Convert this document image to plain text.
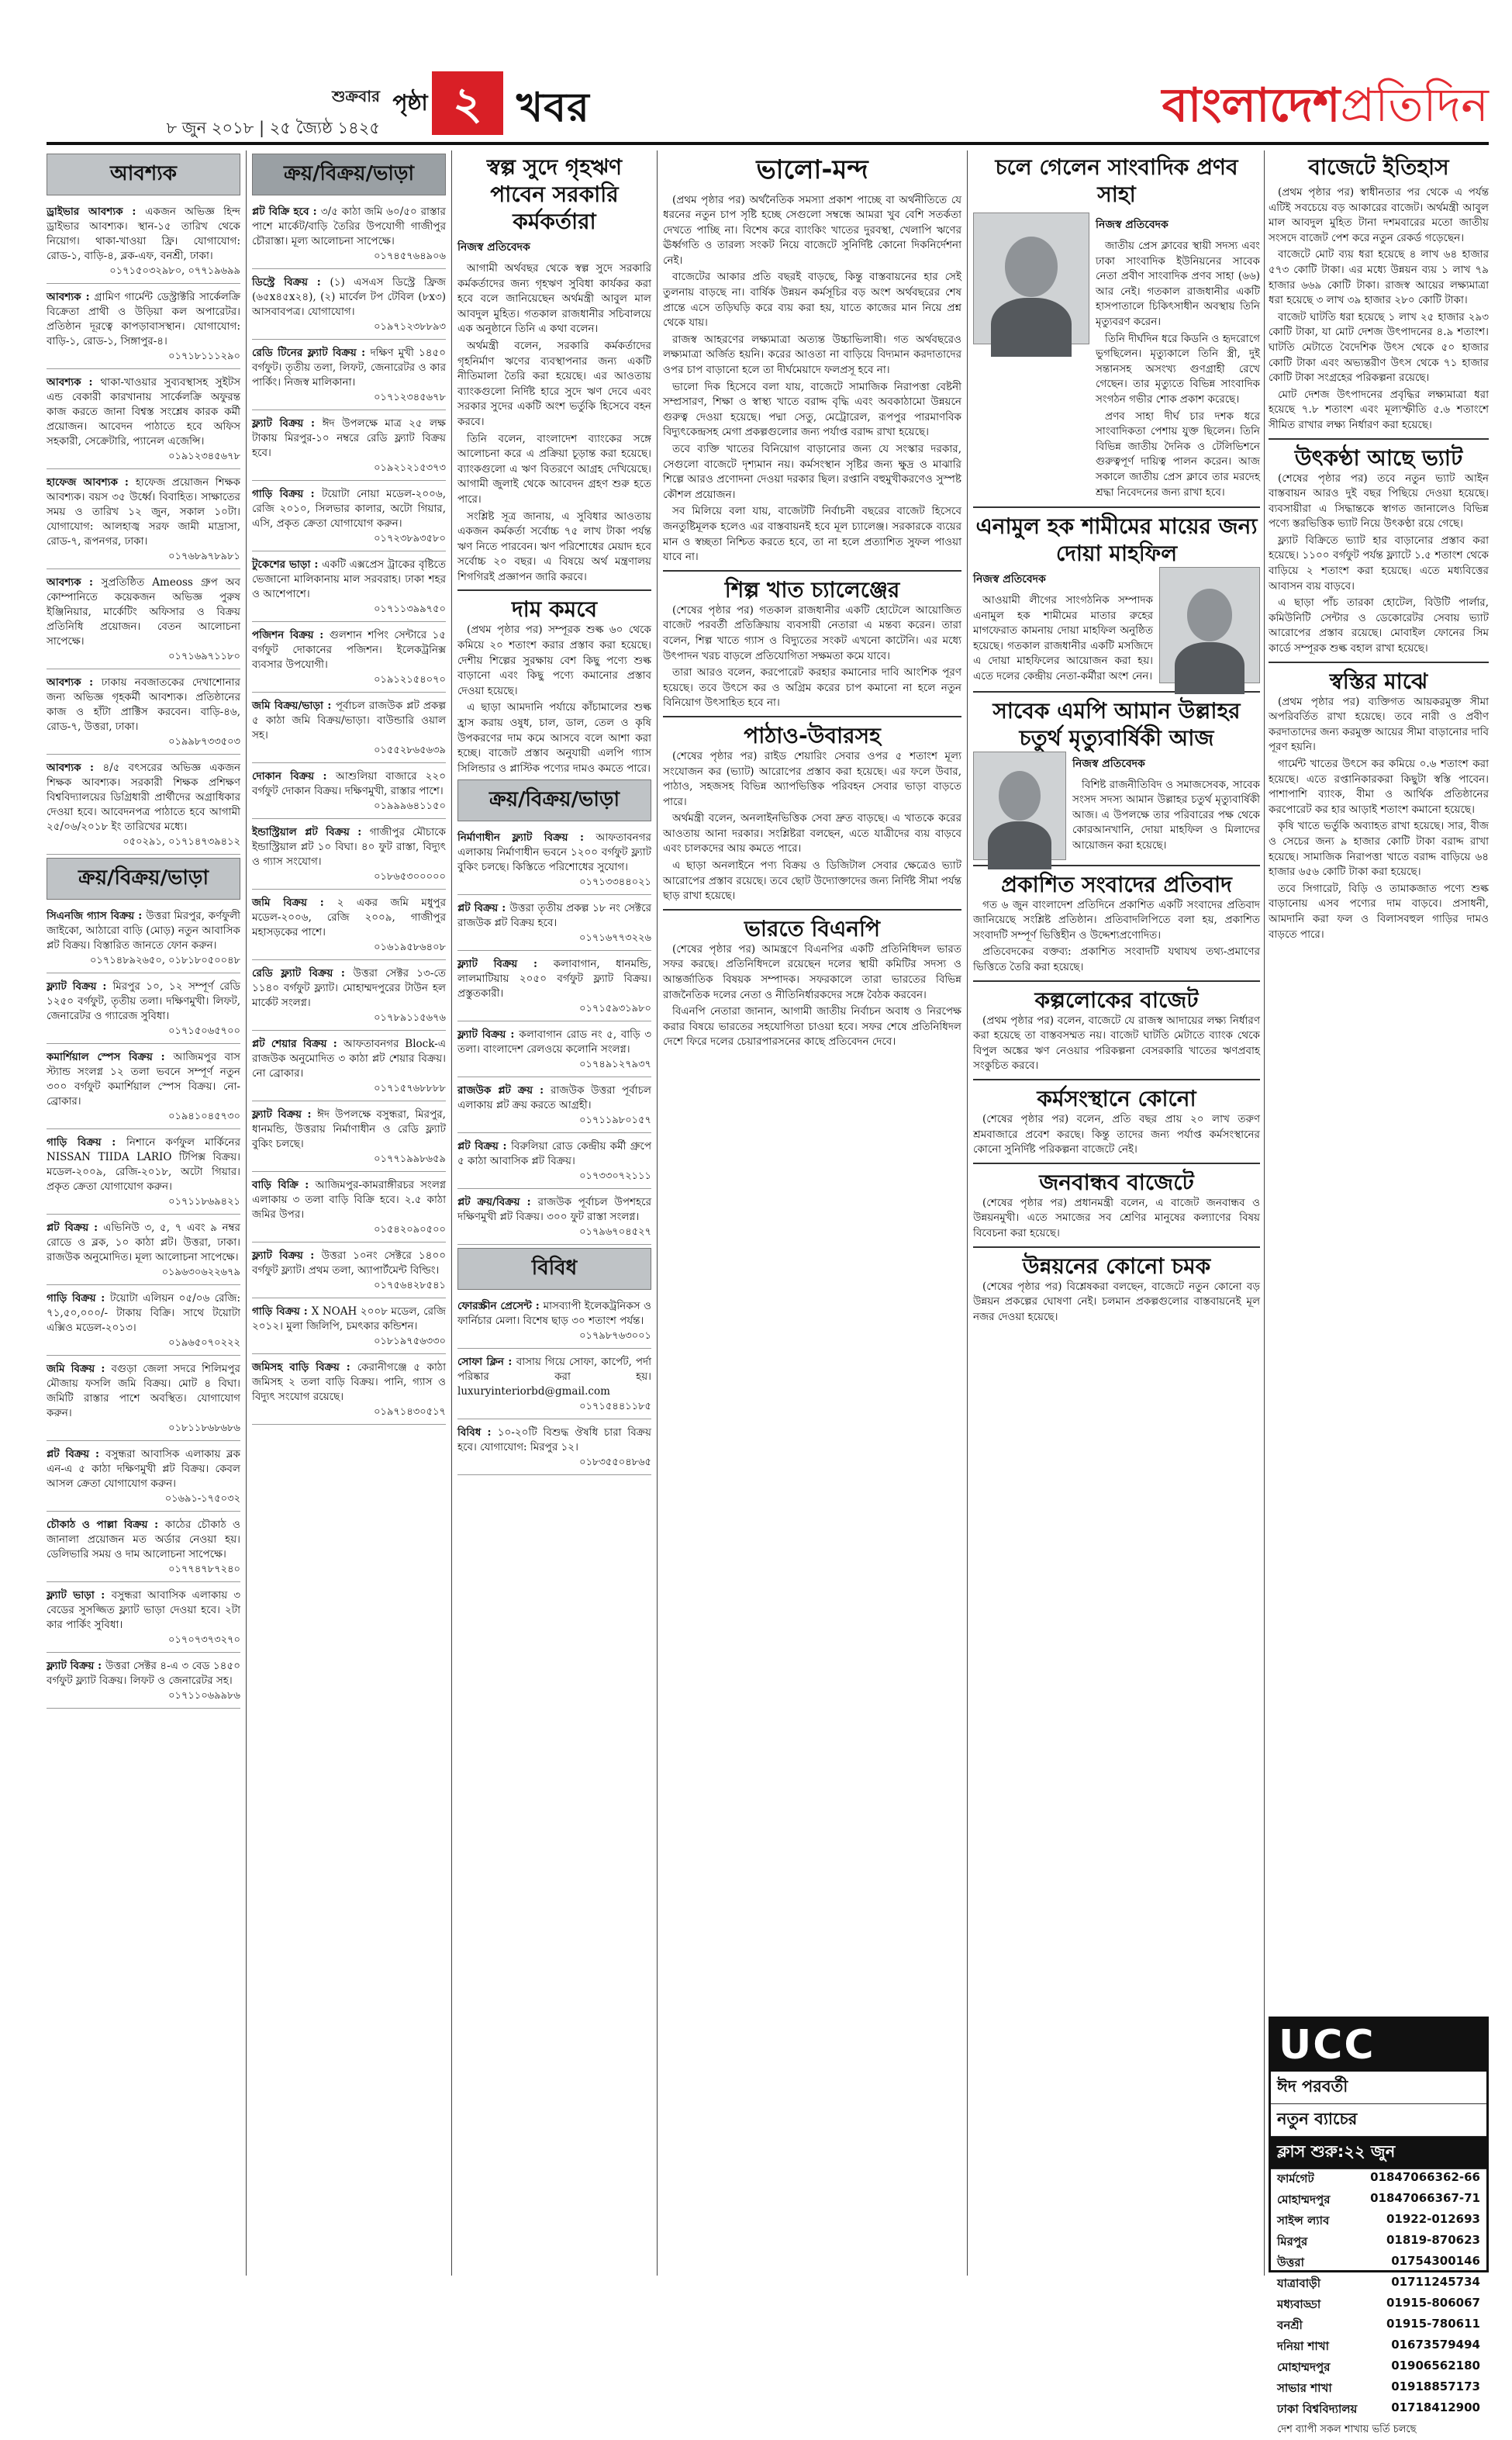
শুক্রবার
৮ জুন ২০১৮ | ২৫ জ্যৈষ্ঠ ১৪২৫
পৃষ্ঠা ২ খবর	বাংলাদেশপ্রতিদিন
আবশ্যক
ড্রাইভার আবশ্যক : একজন অভিজ্ঞ হিন্দ ড্রাইভার আবশ্যক। স্থান-১৫ তারিখ থেকে নিয়োগ। থাকা-খাওয়া ফ্রি। যোগাযোগ: রোড-১, বাড়ি-৪, ব্লক-এফ, বনশ্রী, ঢাকা।
০১৭১৫০৩২৯৮০, ০৭৭১৯৬৯৯
আবশ্যক : গ্রামিণ গার্মেন্ট ডেস্ট্রাক্টরি সার্কেলক্রি বিক্রেতা প্রাথী ও উড়িয়া কল অপারেটর। প্রতিষ্ঠান দূরত্বে কাপড়াবাসস্থান। যোগাযোগ: বাড়ি-১, রোড-১, সিঙ্গাপুর-৪।
০১৭১৮১১১২৯০
আবশ্যক : থাকা-খাওয়ার সুব্যবস্থাসহ সুইটস এন্ড বেকারী কারখানায় সার্কেলক্রি অফুরন্ত কাজ করতে জানা বিশ্বস্ত সংশ্লেষ কারক কর্মী প্রয়োজন। আবেদন পাঠাতে হবে অফিস সহকারী, সেক্রেটারি, প্যানেল এজেন্সি।
০১৯১২৩৪৫৬৭৮
হাফেজ আবশ্যক : হাফেজ প্রয়োজন শিক্ষক আবশ্যক। বয়স ৩৫ উর্ধ্বে। বিবাহিত। সাক্ষাতের সময় ও তারিখ ১২ জুন, সকাল ১০টা। যোগাযোগ: আলহাজ্ব সরফ জামী মাদ্রাসা, রোড-৭, রূপনগর, ঢাকা।
০১৭৬৮৯৭৮৯৮১
আবশ্যক : সুপ্রতিষ্ঠিত Ameoss গ্রুপ অব কোম্পানিতে কয়েকজন অভিজ্ঞ পুরুষ ইঞ্জিনিয়ার, মার্কেটিং অফিসার ও বিক্রয় প্রতিনিধি প্রয়োজন। বেতন আলোচনা সাপেক্ষে।
০১৭১৬৯৭১১৮০
আবশ্যক : ঢাকায় নবজাতকের দেখাশোনার জন্য অভিজ্ঞ গৃহকর্মী আবশ্যক। প্রতিষ্ঠানের কাজ ও হাঁটা প্রাক্টিস করবেন। বাড়ি-৪৬, রোড-৭, উত্তরা, ঢাকা।
০১৯৯৮৭৩৩৫০৩
আবশ্যক : ৪/৫ বৎসরের অভিজ্ঞ একজন শিক্ষক আবশ্যক। সরকারী শিক্ষক প্রশিক্ষণ বিশ্ববিদ্যালয়ের ডিগ্রিধারী প্রার্থীদের অগ্রাধিকার দেওয়া হবে। আবেদনপত্র পাঠাতে হবে আগামী ২৫/০৬/২০১৮ ইং তারিখের মধ্যে।
০৫০২৯১, ০১৭১৪৭৩৯৪১২
ক্রয়/বিক্রয়/ভাড়া
সিএনজি গ্যাস বিক্রয় : উত্তরা মিরপুর, কর্ণফুলী জাইকো, আঠারো বাড়ি (মোড়) নতুন আবাসিক প্লট বিক্রয়। বিস্তারিত জানতে ফোন করুন।
০১৭১৪৮৯২৬৫০, ০১৮১৮০৫০০৪৮
ফ্ল্যাট বিক্রয় : মিরপুর ১০, ১২ সম্পূর্ণ রেডি ১২৫০ বর্গফুট, তৃতীয় তলা। দক্ষিণমুখী। লিফট, জেনারেটর ও গ্যারেজ সুবিধা।
০১৭১৫০৬৫৭০০
কমার্শিয়াল স্পেস বিক্রয় : আজিমপুর বাস স্ট্যান্ড সংলগ্ন ১২ তলা ভবনে সম্পূর্ণ নতুন ৩০০ বর্গফুট কমার্শিয়াল স্পেস বিক্রয়। নো-ব্রোকার।
০১৯৪১০৪৫৭৩০
গাড়ি বিক্রয় : নিশানে কর্ণফুল মার্কিনের NISSAN TIIDA LARIO টিপিক্স বিক্রয়। মডেল-২০০৯, রেজি-২০১৮, অটো গিয়ার। প্রকৃত ক্রেতা যোগাযোগ করুন।
০১৭১১৮৬৯৪২১
প্লট বিক্রয় : এভিনিউ ৩, ৫, ৭ এবং ৯ নম্বর রোডে ও ব্লক, ১০ কাঠা প্লট। উত্তরা, ঢাকা। রাজউক অনুমোদিত। মূল্য আলোচনা সাপেক্ষে।
০১৯৬৩০৬২২৬৭৯
গাড়ি বিক্রয় : টয়োটা এলিয়ন ০৫/০৬ রেজি: ৭১,৫০,০০০/- টাকায় বিক্রি। সাথে টয়োটা এক্সিও মডেল-২০১৩।
০১৯৬৫০৭০২২২
জমি বিক্রয় : বগুড়া জেলা সদরে শিলিমপুর মৌজায় ফসলি জমি বিক্রয়। মোট ৪ বিঘা। জমিটি রাস্তার পাশে অবস্থিত। যোগাযোগ করুন।
০১৮১১৮৬৮৬৮৬
প্লট বিক্রয় : বসুন্ধরা আবাসিক এলাকায় ব্লক এন-এ ৫ কাঠা দক্ষিণমুখী প্লট বিক্রয়। কেবল আসল ক্রেতা যোগাযোগ করুন।
০১৬৯১-১৭৫০৩২
চৌকাঠ ও পাল্লা বিক্রয় : কাঠের চৌকাঠ ও জানালা প্রয়োজন মত অর্ডার নেওয়া হয়। ডেলিভারি সময় ও দাম আলোচনা সাপেক্ষে।
০১৭৭৪৭৮৭২৪০
ফ্ল্যাট ভাড়া : বসুন্ধরা আবাসিক এলাকায় ৩ বেডের সুসজ্জিত ফ্ল্যাট ভাড়া দেওয়া হবে। ২টা কার পার্কিং সুবিধা।
০১৭০৭৩৭৩২৭০
ফ্ল্যাট বিক্রয় : উত্তরা সেক্টর ৪-এ ৩ বেড ১৪৫০ বর্গফুট ফ্ল্যাট বিক্রয়। লিফট ও জেনারেটর সহ।
০১৭১১০৬৯৯৮৬
ক্রয়/বিক্রয়/ভাড়া
প্লট বিক্রি হবে : ৩/৫ কাঠা জমি ৬০/৫০ রাস্তার পাশে মার্কেট/বাড়ি তৈরির উপযোগী গাজীপুর চৌরাস্তা। মূল্য আলোচনা সাপেক্ষে।
০১৭৪৫৭৬৪৯০৬
ডিস্ট্রে বিক্রয় : (১) এসএস ডিস্ট্রে ফ্রিজ (৬৫x৪৫x২৪), (২) মার্বেল টপ টেবিল (৮x৩) আসবাবপত্র। যোগাযোগ।
০১৯৭১২৩৮৮৯৩
রেডি টিনের ফ্ল্যাট বিক্রয় : দক্ষিণ মুখী ১৪৫০ বর্গফুট। তৃতীয় তলা, লিফট, জেনারেটর ও কার পার্কিং। নিজস্ব মালিকানা।
০১৭১২৩৪৫৬৭৮
ফ্ল্যাট বিক্রয় : ঈদ উপলক্ষে মাত্র ২৫ লক্ষ টাকায় মিরপুর-১০ নম্বরে রেডি ফ্ল্যাট বিক্রয় হবে।
০১৯২১২১৫৩৭৩
গাড়ি বিক্রয় : টয়োটা নোয়া মডেল-২০০৬, রেজি ২০১০, সিলভার কালার, অটো গিয়ার, এসি, প্রকৃত ক্রেতা যোগাযোগ করুন।
০১৭২৩৮৯৩৫৮০
টুকেশের ভাড়া : একটি এক্সপ্রেস ট্রাকের বৃষ্টিতে ভেজানো মালিকানায় মাল সরবরাহ। ঢাকা শহর ও আশেপাশে।
০১৭১১৩৯৯৭৫০
পজিশন বিক্রয় : গুলশান শপিং সেন্টারে ১৫ বর্গফুট দোকানের পজিশন। ইলেকট্রনিক্স ব্যবসার উপযোগী।
০১৯১২১৫৪০৭০
জমি বিক্রয়/ভাড়া : পূর্বাচল রাজউক প্লট প্রকল্প ৫ কাঠা জমি বিক্রয়/ভাড়া। বাউন্ডারি ওয়াল সহ।
০১৫৫২৮৬৫৬৩৯
দোকান বিক্রয় : আশুলিয়া বাজারে ২২০ বর্গফুট দোকান বিক্রয়। দক্ষিণমুখী, রাস্তার পাশে।
০১৯৯৯৬৪১১৫০
ইন্ডাস্ট্রিয়াল প্লট বিক্রয় : গাজীপুর মৌচাকে ইন্ডাস্ট্রিয়াল প্লট ১০ বিঘা। ৪০ ফুট রাস্তা, বিদ্যুৎ ও গ্যাস সংযোগ।
০১৮৬৫৩০০০০০
জমি বিক্রয় : ২ একর জমি মধুপুর মডেল-২০০৬, রেজি ২০০৯, গাজীপুর মহাসড়কের পাশে।
০১৬১৯৫৮৬৪০৮
রেডি ফ্ল্যাট বিক্রয় : উত্তরা সেক্টর ১৩-তে ১১৪০ বর্গফুট ফ্ল্যাট। মোহাম্মদপুরের টাউন হল মার্কেট সংলগ্ন।
০১৭৮৯১১৫৬৭৬
প্লট শেয়ার বিক্রয় : আফতাবনগর Block-এ রাজউক অনুমোদিত ৩ কাঠা প্লট শেয়ার বিক্রয়। নো ব্রোকার।
০১৭১৫৭৬৮৮৮৮
ফ্ল্যাট বিক্রয় : ঈদ উপলক্ষে বসুন্ধরা, মিরপুর, ধানমন্ডি, উত্তরায় নির্মাণাধীন ও রেডি ফ্ল্যাট বুকিং চলছে।
০১৭৭১৯৯৮৬৫৯
বাড়ি বিক্রি : আজিমপুর-কামরাঙ্গীরচর সংলগ্ন এলাকায় ৩ তলা বাড়ি বিক্রি হবে। ২.৫ কাঠা জমির উপর।
০১৫৪২০৯০৫০০
ফ্ল্যাট বিক্রয় : উত্তরা ১০নং সেক্টরে ১৪০০ বর্গফুট ফ্ল্যাট। প্রথম তলা, অ্যাপার্টমেন্ট বিল্ডিং।
০১৭৫৬৪২৮৫৪১
গাড়ি বিক্রয় : X NOAH ২০০৮ মডেল, রেজি ২০১২। মুলা জিলিপি, চমৎকার কন্ডিশন।
০১৮১৯৭৫৬৩৩০
জমিসহ বাড়ি বিক্রয় : কেরানীগঞ্জে ৫ কাঠা জমিসহ ২ তলা বাড়ি বিক্রয়। পানি, গ্যাস ও বিদ্যুৎ সংযোগ রয়েছে।
০১৯৭১৪৩০৫১৭
স্বল্প সুদে গৃহঋণ পাবেন সরকারি কর্মকর্তারা
নিজস্ব প্রতিবেদক

আগামী অর্থবছর থেকে স্বল্প সুদে সরকারি কর্মকর্তাদের জন্য গৃহঋণ সুবিধা কার্যকর করা হবে বলে জানিয়েছেন অর্থমন্ত্রী আবুল মাল আবদুল মুহিত। গতকাল রাজধানীর সচিবালয়ে এক অনুষ্ঠানে তিনি এ কথা বলেন।

অর্থমন্ত্রী বলেন, সরকারি কর্মকর্তাদের গৃহনির্মাণ ঋণের ব্যবস্থাপনার জন্য একটি নীতিমালা তৈরি করা হয়েছে। এর আওতায় ব্যাংকগুলো নির্দিষ্ট হারে সুদে ঋণ দেবে এবং সরকার সুদের একটি অংশ ভর্তুকি হিসেবে বহন করবে।

তিনি বলেন, বাংলাদেশ ব্যাংকের সঙ্গে আলোচনা করে এ প্রক্রিয়া চূড়ান্ত করা হয়েছে। ব্যাংকগুলো এ ঋণ বিতরণে আগ্রহ দেখিয়েছে। আগামী জুলাই থেকে আবেদন গ্রহণ শুরু হতে পারে।

সংশ্লিষ্ট সূত্র জানায়, এ সুবিধার আওতায় একজন কর্মকর্তা সর্বোচ্চ ৭৫ লাখ টাকা পর্যন্ত ঋণ নিতে পারবেন। ঋণ পরিশোধের মেয়াদ হবে সর্বোচ্চ ২০ বছর। এ বিষয়ে অর্থ মন্ত্রণালয় শিগগিরই প্রজ্ঞাপন জারি করবে।

দাম কমবে

(প্রথম পৃষ্ঠার পর) সম্পূরক শুল্ক ৬০ থেকে কমিয়ে ২০ শতাংশ করার প্রস্তাব করা হয়েছে। দেশীয় শিল্পের সুরক্ষায় বেশ কিছু পণ্যে শুল্ক বাড়ানো এবং কিছু পণ্যে কমানোর প্রস্তাব দেওয়া হয়েছে।

এ ছাড়া আমদানি পর্যায়ে কাঁচামালের শুল্ক হ্রাস করায় ওষুধ, চাল, ডাল, তেল ও কৃষি উপকরণের দাম কমে আসবে বলে আশা করা হচ্ছে। বাজেট প্রস্তাব অনুযায়ী এলপি গ্যাস সিলিন্ডার ও প্লাস্টিক পণ্যের দামও কমতে পারে।

ক্রয়/বিক্রয়/ভাড়া
নির্মাণাধীন ফ্ল্যাট বিক্রয় : আফতাবনগর এলাকায় নির্মাণাধীন ভবনে ১২০০ বর্গফুট ফ্ল্যাট বুকিং চলছে। কিস্তিতে পরিশোধের সুযোগ।
০১৭১৩৩৪৪০২১
প্লট বিক্রয় : উত্তরা তৃতীয় প্রকল্প ১৮ নং সেক্টরে রাজউক প্লট বিক্রয় হবে।
০১৭১৬৭৭৩২২৬
ফ্ল্যাট বিক্রয় : কলাবাগান, ধানমন্ডি, লালমাটিয়ায় ২০৫০ বর্গফুট ফ্ল্যাট বিক্রয়। প্রস্তুতকারী।
০১৭১৫৯৩১৯৮০
ফ্ল্যাট বিক্রয় : কলাবাগান রোড নং ৫, বাড়ি ৩ তলা। বাংলাদেশ রেলওয়ে কলোনি সংলগ্ন।
০১৭৪৯১২৭৯৩৭
রাজউক প্লট ক্রয় : রাজউক উত্তরা পূর্বাচল এলাকায় প্লট ক্রয় করতে আগ্রহী।
০১৭১১৯৮০১৫৭
প্লট বিক্রয় : বিরুলিয়া রোড কেন্দ্রীয় কর্মী গ্রুপে ৫ কাঠা আবাসিক প্লট বিক্রয়।
০১৭৩৩০৭২১১১
প্লট ক্রয়/বিক্রয় : রাজউক পূর্বাচল উপশহরে দক্ষিণমুখী প্লট বিক্রয়। ৩০০ ফুট রাস্তা সংলগ্ন।
০১৭৯৬৭০৪৫২৭
বিবিধ
ফোরস্ক্রীন প্রেসেন্ট : মাসব্যাপী ইলেকট্রনিকস ও ফার্নিচার মেলা। বিশেষ ছাড় ৩০ শতাংশ পর্যন্ত।
০১৭৯৮৭৬৩০০১
সোফা ক্লিন : বাসায় গিয়ে সোফা, কার্পেট, পর্দা পরিষ্কার করা হয়। luxuryinteriorbd@gmail.com
০১৭১৫৪৪১১৮৫
বিবিধ : ১০-২০টি বিশুদ্ধ ঔষধি চারা বিক্রয় হবে। যোগাযোগ: মিরপুর ১২।
০১৮৩৫৫০৪৮৬৫
ভালো-মন্দ

(প্রথম পৃষ্ঠার পর) অর্থনৈতিক সমস্যা প্রকাশ পাচ্ছে বা অর্থনীতিতে যে ধরনের নতুন চাপ সৃষ্টি হচ্ছে সেগুলো সম্বন্ধে আমরা খুব বেশি সতর্কতা দেখতে পাচ্ছি না। বিশেষ করে ব্যাংকিং খাতের দুরবস্থা, খেলাপি ঋণের ঊর্ধ্বগতি ও তারল্য সংকট নিয়ে বাজেটে সুনির্দিষ্ট কোনো দিকনির্দেশনা নেই।

বাজেটের আকার প্রতি বছরই বাড়ছে, কিন্তু বাস্তবায়নের হার সেই তুলনায় বাড়ছে না। বার্ষিক উন্নয়ন কর্মসূচির বড় অংশ অর্থবছরের শেষ প্রান্তে এসে তড়িঘড়ি করে ব্যয় করা হয়, যাতে কাজের মান নিয়ে প্রশ্ন থেকে যায়।

রাজস্ব আহরণের লক্ষ্যমাত্রা অত্যন্ত উচ্চাভিলাষী। গত অর্থবছরেও লক্ষ্যমাত্রা অর্জিত হয়নি। করের আওতা না বাড়িয়ে বিদ্যমান করদাতাদের ওপর চাপ বাড়ানো হলে তা দীর্ঘমেয়াদে ফলপ্রসূ হবে না।

ভালো দিক হিসেবে বলা যায়, বাজেটে সামাজিক নিরাপত্তা বেষ্টনী সম্প্রসারণ, শিক্ষা ও স্বাস্থ্য খাতে বরাদ্দ বৃদ্ধি এবং অবকাঠামো উন্নয়নে গুরুত্ব দেওয়া হয়েছে। পদ্মা সেতু, মেট্রোরেল, রূপপুর পারমাণবিক বিদ্যুৎকেন্দ্রসহ মেগা প্রকল্পগুলোর জন্য পর্যাপ্ত বরাদ্দ রাখা হয়েছে।

তবে ব্যক্তি খাতের বিনিয়োগ বাড়ানোর জন্য যে সংস্কার দরকার, সেগুলো বাজেটে দৃশ্যমান নয়। কর্মসংস্থান সৃষ্টির জন্য ক্ষুদ্র ও মাঝারি শিল্পে আরও প্রণোদনা দেওয়া দরকার ছিল। রপ্তানি বহুমুখীকরণেও সুস্পষ্ট কৌশল প্রয়োজন।

সব মিলিয়ে বলা যায়, বাজেটটি নির্বাচনী বছরের বাজেট হিসেবে জনতুষ্টিমূলক হলেও এর বাস্তবায়নই হবে মূল চ্যালেঞ্জ। সরকারকে ব্যয়ের মান ও স্বচ্ছতা নিশ্চিত করতে হবে, তা না হলে প্রত্যাশিত সুফল পাওয়া যাবে না।

শিল্প খাত চ্যালেঞ্জের

(শেষের পৃষ্ঠার পর) গতকাল রাজধানীর একটি হোটেলে আয়োজিত বাজেট পরবর্তী প্রতিক্রিয়ায় ব্যবসায়ী নেতারা এ মন্তব্য করেন। তারা বলেন, শিল্প খাতে গ্যাস ও বিদ্যুতের সংকট এখনো কাটেনি। এর মধ্যে উৎপাদন খরচ বাড়লে প্রতিযোগিতা সক্ষমতা কমে যাবে।

তারা আরও বলেন, করপোরেট করহার কমানোর দাবি আংশিক পূরণ হয়েছে। তবে উৎসে কর ও অগ্রিম করের চাপ কমানো না হলে নতুন বিনিয়োগ উৎসাহিত হবে না।

পাঠাও-উবারসহ

(শেষের পৃষ্ঠার পর) রাইড শেয়ারিং সেবার ওপর ৫ শতাংশ মূল্য সংযোজন কর (ভ্যাট) আরোপের প্রস্তাব করা হয়েছে। এর ফলে উবার, পাঠাও, সহজসহ বিভিন্ন অ্যাপভিত্তিক পরিবহন সেবার ভাড়া বাড়তে পারে।

অর্থমন্ত্রী বলেন, অনলাইনভিত্তিক সেবা দ্রুত বাড়ছে। এ খাতকে করের আওতায় আনা দরকার। সংশ্লিষ্টরা বলছেন, এতে যাত্রীদের ব্যয় বাড়বে এবং চালকদের আয় কমতে পারে।

এ ছাড়া অনলাইনে পণ্য বিক্রয় ও ডিজিটাল সেবার ক্ষেত্রেও ভ্যাট আরোপের প্রস্তাব রয়েছে। তবে ছোট উদ্যোক্তাদের জন্য নির্দিষ্ট সীমা পর্যন্ত ছাড় রাখা হয়েছে।

ভারতে বিএনপি

(শেষের পৃষ্ঠার পর) আমন্ত্রণে বিএনপির একটি প্রতিনিধিদল ভারত সফর করছে। প্রতিনিধিদলে রয়েছেন দলের স্থায়ী কমিটির সদস্য ও আন্তর্জাতিক বিষয়ক সম্পাদক। সফরকালে তারা ভারতের বিভিন্ন রাজনৈতিক দলের নেতা ও নীতিনির্ধারকদের সঙ্গে বৈঠক করবেন।

বিএনপি নেতারা জানান, আগামী জাতীয় নির্বাচন অবাধ ও নিরপেক্ষ করার বিষয়ে ভারতের সহযোগিতা চাওয়া হবে। সফর শেষে প্রতিনিধিদল দেশে ফিরে দলের চেয়ারপারসনের কাছে প্রতিবেদন দেবে।

চলে গেলেন সাংবাদিক প্রণব সাহা
নিজস্ব প্রতিবেদক

জাতীয় প্রেস ক্লাবের স্থায়ী সদস্য এবং ঢাকা সাংবাদিক ইউনিয়নের সাবেক নেতা প্রবীণ সাংবাদিক প্রণব সাহা (৬৬) আর নেই। গতকাল রাজধানীর একটি হাসপাতালে চিকিৎসাধীন অবস্থায় তিনি মৃত্যুবরণ করেন।

তিনি দীর্ঘদিন ধরে কিডনি ও হৃদরোগে ভুগছিলেন। মৃত্যুকালে তিনি স্ত্রী, দুই সন্তানসহ অসংখ্য গুণগ্রাহী রেখে গেছেন। তার মৃত্যুতে বিভিন্ন সাংবাদিক সংগঠন গভীর শোক প্রকাশ করেছে।

প্রণব সাহা দীর্ঘ চার দশক ধরে সাংবাদিকতা পেশায় যুক্ত ছিলেন। তিনি বিভিন্ন জাতীয় দৈনিক ও টেলিভিশনে গুরুত্বপূর্ণ দায়িত্ব পালন করেন। আজ সকালে জাতীয় প্রেস ক্লাবে তার মরদেহ শ্রদ্ধা নিবেদনের জন্য রাখা হবে।

এনামুল হক শামীমের মায়ের জন্য দোয়া মাহফিল
নিজস্ব প্রতিবেদক

আওয়ামী লীগের সাংগঠনিক সম্পাদক এনামুল হক শামীমের মাতার রুহের মাগফেরাত কামনায় দোয়া মাহফিল অনুষ্ঠিত হয়েছে। গতকাল রাজধানীর একটি মসজিদে এ দোয়া মাহফিলের আয়োজন করা হয়। এতে দলের কেন্দ্রীয় নেতা-কর্মীরা অংশ নেন।

সাবেক এমপি আমান উল্লাহর চতুর্থ মৃত্যুবার্ষিকী আজ
নিজস্ব প্রতিবেদক

বিশিষ্ট রাজনীতিবিদ ও সমাজসেবক, সাবেক সংসদ সদস্য আমান উল্লাহর চতুর্থ মৃত্যুবার্ষিকী আজ। এ উপলক্ষে তার পরিবারের পক্ষ থেকে কোরআনখানি, দোয়া মাহফিল ও মিলাদের আয়োজন করা হয়েছে।

প্রকাশিত সংবাদের প্রতিবাদ

গত ৬ জুন বাংলাদেশ প্রতিদিনে প্রকাশিত একটি সংবাদের প্রতিবাদ জানিয়েছে সংশ্লিষ্ট প্রতিষ্ঠান। প্রতিবাদলিপিতে বলা হয়, প্রকাশিত সংবাদটি সম্পূর্ণ ভিত্তিহীন ও উদ্দেশ্যপ্রণোদিত।

প্রতিবেদকের বক্তব্য: প্রকাশিত সংবাদটি যথাযথ তথ্য-প্রমাণের ভিত্তিতে তৈরি করা হয়েছে।

কল্পলোকের বাজেট

(প্রথম পৃষ্ঠার পর) বলেন, বাজেটে যে রাজস্ব আদায়ের লক্ষ্য নির্ধারণ করা হয়েছে তা বাস্তবসম্মত নয়। বাজেট ঘাটতি মেটাতে ব্যাংক থেকে বিপুল অঙ্কের ঋণ নেওয়ার পরিকল্পনা বেসরকারি খাতের ঋণপ্রবাহ সংকুচিত করবে।

কর্মসংস্থানে কোনো

(শেষের পৃষ্ঠার পর) বলেন, প্রতি বছর প্রায় ২০ লাখ তরুণ শ্রমবাজারে প্রবেশ করছে। কিন্তু তাদের জন্য পর্যাপ্ত কর্মসংস্থানের কোনো সুনির্দিষ্ট পরিকল্পনা বাজেটে নেই।

জনবান্ধব বাজেটে

(শেষের পৃষ্ঠার পর) প্রধানমন্ত্রী বলেন, এ বাজেট জনবান্ধব ও উন্নয়নমুখী। এতে সমাজের সব শ্রেণির মানুষের কল্যাণের বিষয় বিবেচনা করা হয়েছে।

উন্নয়নের কোনো চমক

(শেষের পৃষ্ঠার পর) বিশ্লেষকরা বলছেন, বাজেটে নতুন কোনো বড় উন্নয়ন প্রকল্পের ঘোষণা নেই। চলমান প্রকল্পগুলোর বাস্তবায়নেই মূল নজর দেওয়া হয়েছে।

বাজেটে ইতিহাস

(প্রথম পৃষ্ঠার পর) স্বাধীনতার পর থেকে এ পর্যন্ত এটিই সবচেয়ে বড় আকারের বাজেট। অর্থমন্ত্রী আবুল মাল আবদুল মুহিত টানা দশমবারের মতো জাতীয় সংসদে বাজেট পেশ করে নতুন রেকর্ড গড়েছেন।

বাজেটে মোট ব্যয় ধরা হয়েছে ৪ লাখ ৬৪ হাজার ৫৭৩ কোটি টাকা। এর মধ্যে উন্নয়ন ব্যয় ১ লাখ ৭৯ হাজার ৬৬৯ কোটি টাকা। রাজস্ব আয়ের লক্ষ্যমাত্রা ধরা হয়েছে ৩ লাখ ৩৯ হাজার ২৮০ কোটি টাকা।

বাজেট ঘাটতি ধরা হয়েছে ১ লাখ ২৫ হাজার ২৯৩ কোটি টাকা, যা মোট দেশজ উৎপাদনের ৪.৯ শতাংশ। ঘাটতি মেটাতে বৈদেশিক উৎস থেকে ৫০ হাজার কোটি টাকা এবং অভ্যন্তরীণ উৎস থেকে ৭১ হাজার কোটি টাকা সংগ্রহের পরিকল্পনা রয়েছে।

মোট দেশজ উৎপাদনের প্রবৃদ্ধির লক্ষ্যমাত্রা ধরা হয়েছে ৭.৮ শতাংশ এবং মূল্যস্ফীতি ৫.৬ শতাংশে সীমিত রাখার লক্ষ্য নির্ধারণ করা হয়েছে।

উৎকণ্ঠা আছে ভ্যাট

(শেষের পৃষ্ঠার পর) তবে নতুন ভ্যাট আইন বাস্তবায়ন আরও দুই বছর পিছিয়ে দেওয়া হয়েছে। ব্যবসায়ীরা এ সিদ্ধান্তকে স্বাগত জানালেও বিভিন্ন পণ্যে স্তরভিত্তিক ভ্যাট নিয়ে উৎকণ্ঠা রয়ে গেছে।

ফ্ল্যাট বিক্রিতে ভ্যাট হার বাড়ানোর প্রস্তাব করা হয়েছে। ১১০০ বর্গফুট পর্যন্ত ফ্ল্যাটে ১.৫ শতাংশ থেকে বাড়িয়ে ২ শতাংশ করা হয়েছে। এতে মধ্যবিত্তের আবাসন ব্যয় বাড়বে।

এ ছাড়া পাঁচ তারকা হোটেল, বিউটি পার্লার, কমিউনিটি সেন্টার ও ডেকোরেটর সেবায় ভ্যাট আরোপের প্রস্তাব রয়েছে। মোবাইল ফোনের সিম কার্ডে সম্পূরক শুল্ক বহাল রাখা হয়েছে।

স্বস্তির মাঝে

(প্রথম পৃষ্ঠার পর) ব্যক্তিগত আয়করমুক্ত সীমা অপরিবর্তিত রাখা হয়েছে। তবে নারী ও প্রবীণ করদাতাদের জন্য করমুক্ত আয়ের সীমা বাড়ানোর দাবি পূরণ হয়নি।

গার্মেন্ট খাতের উৎসে কর কমিয়ে ০.৬ শতাংশ করা হয়েছে। এতে রপ্তানিকারকরা কিছুটা স্বস্তি পাবেন। পাশাপাশি ব্যাংক, বীমা ও আর্থিক প্রতিষ্ঠানের করপোরেট কর হার আড়াই শতাংশ কমানো হয়েছে।

কৃষি খাতে ভর্তুকি অব্যাহত রাখা হয়েছে। সার, বীজ ও সেচের জন্য ৯ হাজার কোটি টাকা বরাদ্দ রাখা হয়েছে। সামাজিক নিরাপত্তা খাতে বরাদ্দ বাড়িয়ে ৬৪ হাজার ৬৫৬ কোটি টাকা করা হয়েছে।

তবে সিগারেট, বিড়ি ও তামাকজাত পণ্যে শুল্ক বাড়ানোয় এসব পণ্যের দাম বাড়বে। প্রসাধনী, আমদানি করা ফল ও বিলাসবহুল গাড়ির দামও বাড়তে পারে।

UCC
ঈদ পরবর্তী
নতুন ব্যাচের
ক্লাস শুরু:২২ জুন
ফার্মগেট	01847066362-66
মোহাম্মদপুর	01847066367-71
সাইন্স ল্যাব	01922-012693
মিরপুর	01819-870623
উত্তরা	01754300146
যাত্রাবাড়ী	01711245734
মধ্যবাড্ডা	01915-806067
বনশ্রী	01915-780611
দনিয়া শাখা	01673579494
মোহাম্মদপুর	01906562180
সাভার শাখা	01918857173
ঢাকা বিশ্ববিদ্যালয়	01718412900
দেশ ব্যাপী সকল শাখায় ভর্তি চলছে
